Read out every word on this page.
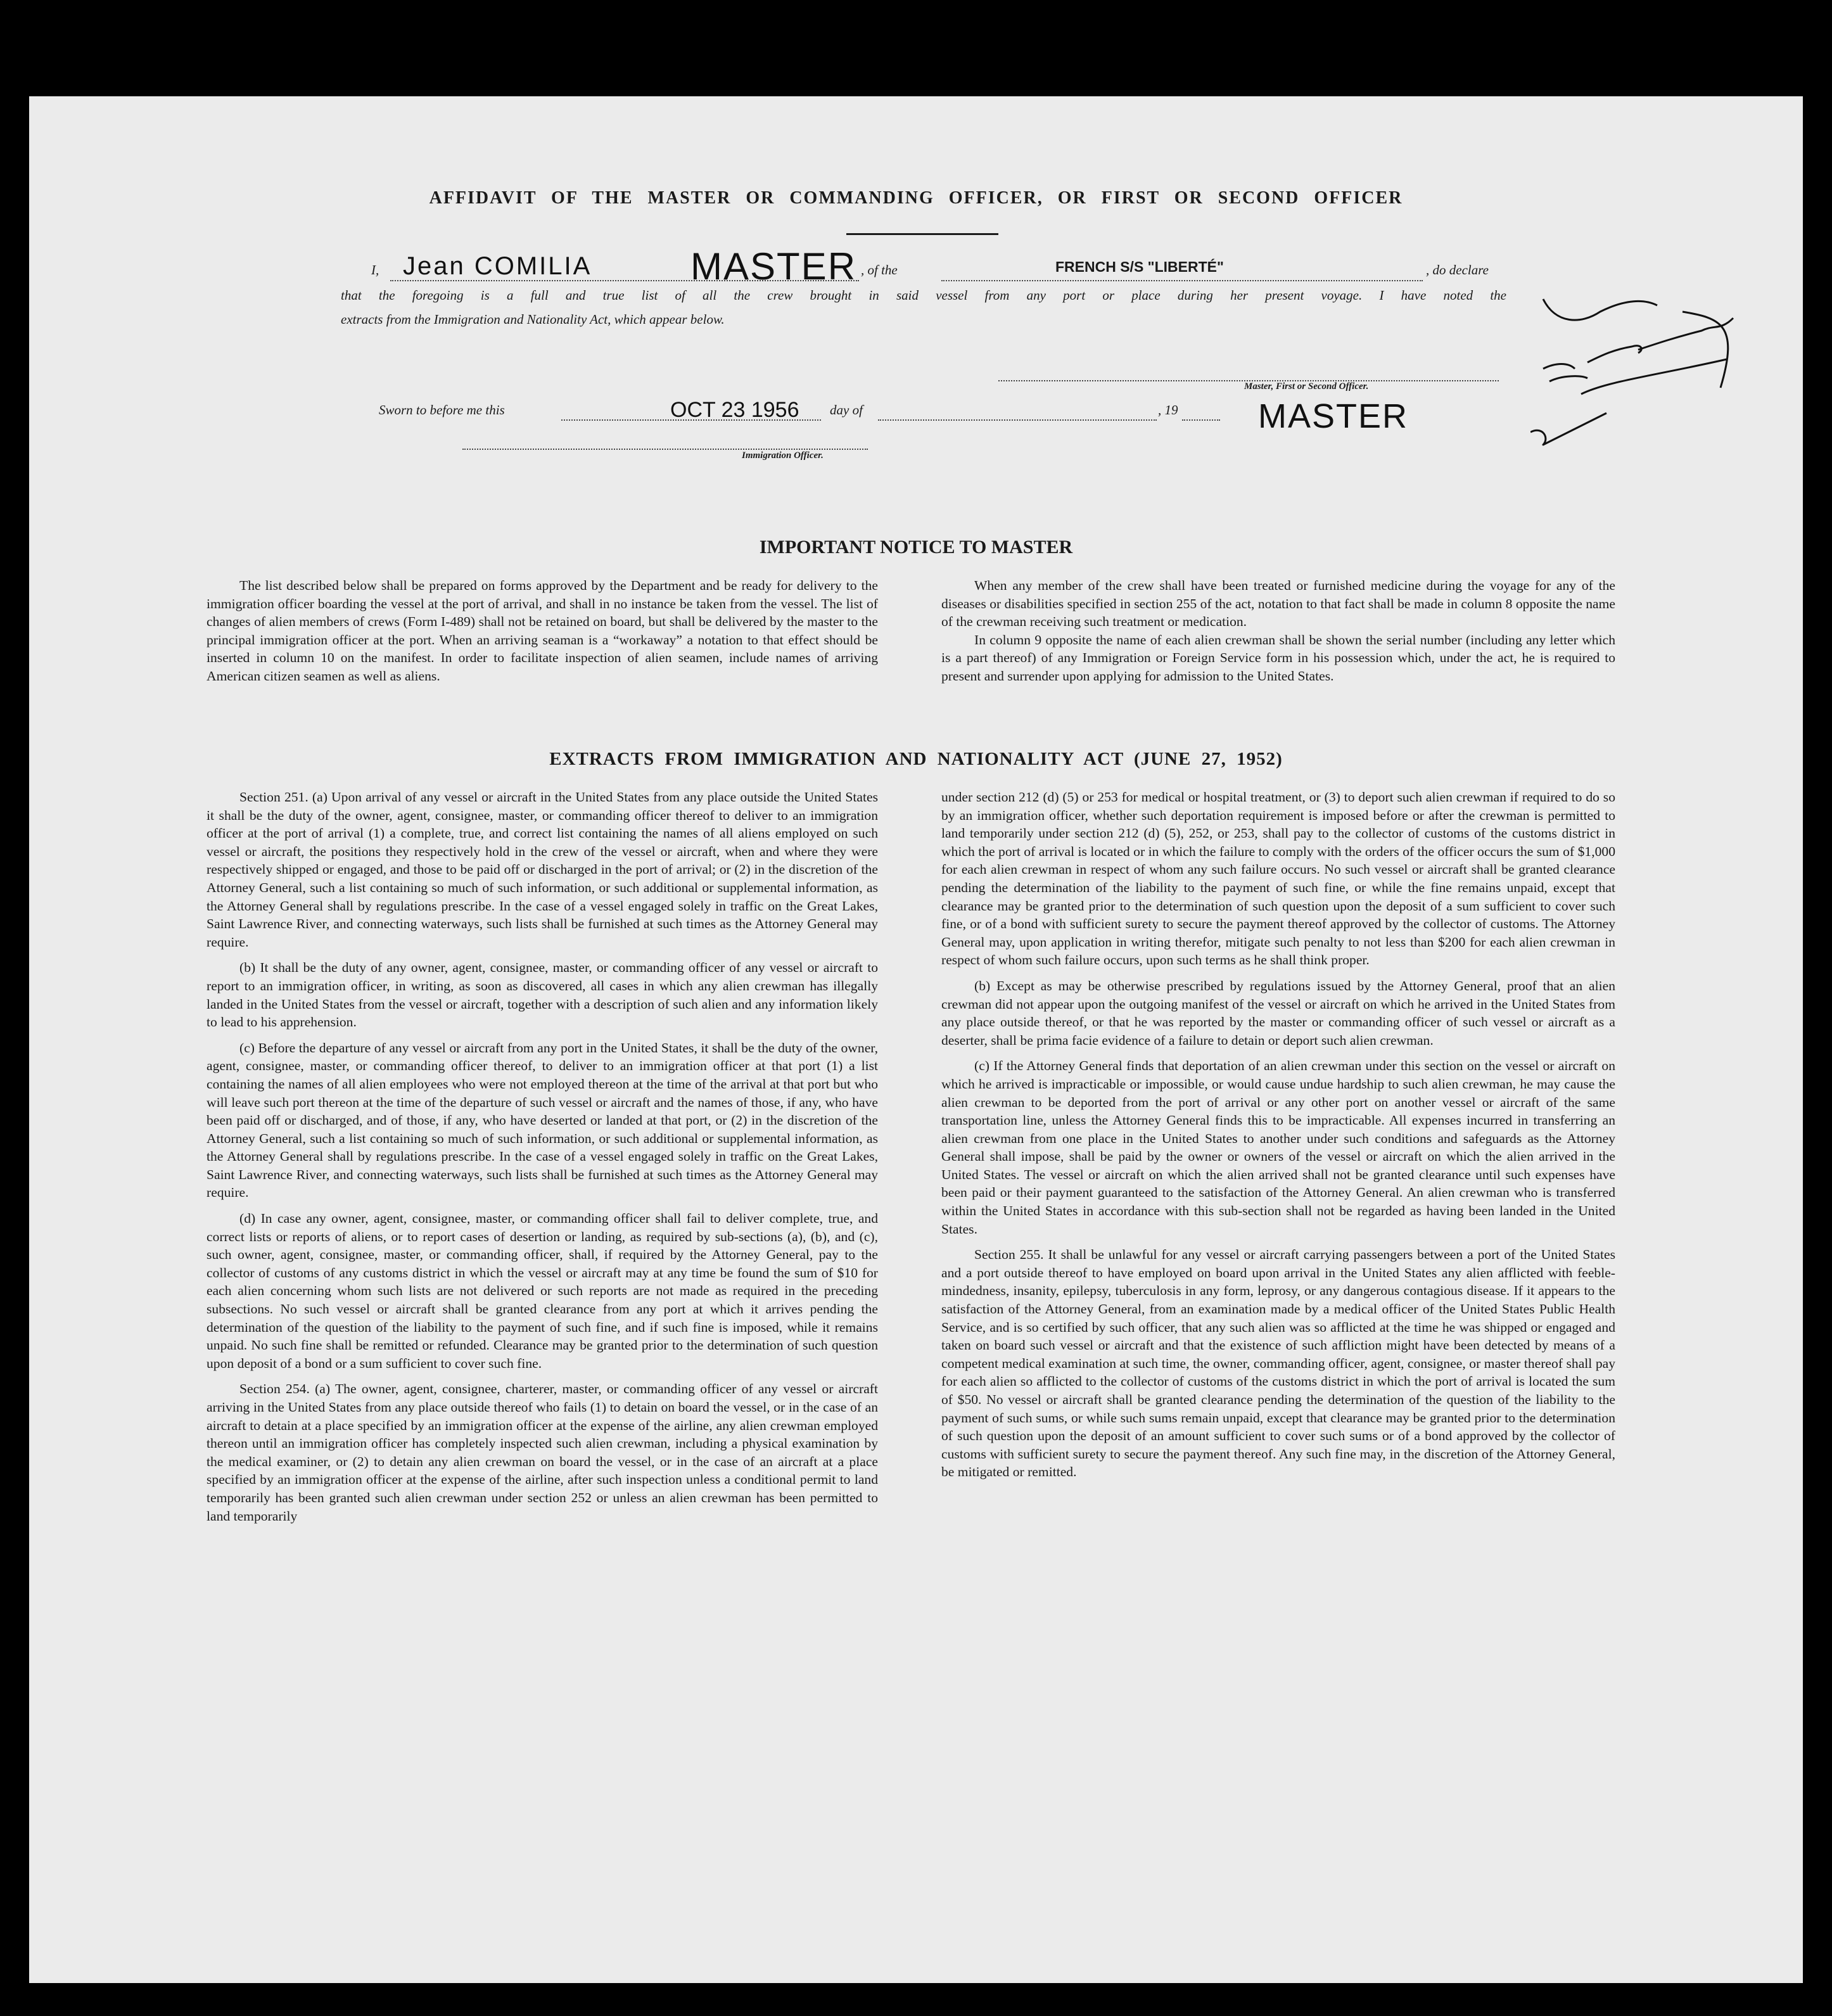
AFFIDAVIT OF THE MASTER OR COMMANDING OFFICER, OR FIRST OR SECOND OFFICER
I, Jean COMILIA	MASTER , of the	FRENCH S/S "LIBERTÉ"	, do declare
that the foregoing is a full and true list of all the crew brought in said vessel from any port or place during her present voyage. I have noted the
extracts from the Immigration and Nationality Act, which appear below.
Master, First or Second Officer.
MASTER
Sworn to before me this	OCT 23 1956 day of	, 19
Immigration Officer.
IMPORTANT NOTICE TO MASTER

The list described below shall be prepared on forms approved by the Department and be ready for delivery to the immigration officer boarding the vessel at the port of arrival, and shall in no instance be taken from the vessel. The list of changes of alien members of crews (Form I-489) shall not be retained on board, but shall be delivered by the master to the principal immigration officer at the port. When an arriving seaman is a “workaway” a notation to that effect should be inserted in column 10 on the manifest. In order to facilitate inspection of alien seamen, include names of arriving American citizen seamen as well as aliens.

When any member of the crew shall have been treated or furnished medicine during the voyage for any of the diseases or disabilities specified in section 255 of the act, notation to that fact shall be made in column 8 opposite the name of the crewman receiving such treatment or medication.

In column 9 opposite the name of each alien crewman shall be shown the serial number (including any letter which is a part thereof) of any Immigration or Foreign Service form in his possession which, under the act, he is required to present and surrender upon applying for admission to the United States.

EXTRACTS FROM IMMIGRATION AND NATIONALITY ACT (JUNE 27, 1952)

Section 251. (a) Upon arrival of any vessel or aircraft in the United States from any place outside the United States it shall be the duty of the owner, agent, consignee, master, or commanding officer thereof to deliver to an immigration officer at the port of arrival (1) a complete, true, and correct list containing the names of all aliens employed on such vessel or aircraft, the positions they respectively hold in the crew of the vessel or aircraft, when and where they were respectively shipped or engaged, and those to be paid off or discharged in the port of arrival; or (2) in the discretion of the Attorney General, such a list containing so much of such information, or such additional or supplemental information, as the Attorney General shall by regulations prescribe. In the case of a vessel engaged solely in traffic on the Great Lakes, Saint Lawrence River, and connecting waterways, such lists shall be furnished at such times as the Attorney General may require.

(b) It shall be the duty of any owner, agent, consignee, master, or commanding officer of any vessel or aircraft to report to an immigration officer, in writing, as soon as discovered, all cases in which any alien crewman has illegally landed in the United States from the vessel or aircraft, together with a description of such alien and any information likely to lead to his apprehension.

(c) Before the departure of any vessel or aircraft from any port in the United States, it shall be the duty of the owner, agent, consignee, master, or commanding officer thereof, to deliver to an immigration officer at that port (1) a list containing the names of all alien employees who were not employed thereon at the time of the arrival at that port but who will leave such port thereon at the time of the departure of such vessel or aircraft and the names of those, if any, who have been paid off or discharged, and of those, if any, who have deserted or landed at that port, or (2) in the discretion of the Attorney General, such a list containing so much of such information, or such additional or supplemental information, as the Attorney General shall by regulations prescribe. In the case of a vessel engaged solely in traffic on the Great Lakes, Saint Lawrence River, and connecting waterways, such lists shall be furnished at such times as the Attorney General may require.

(d) In case any owner, agent, consignee, master, or commanding officer shall fail to deliver complete, true, and correct lists or reports of aliens, or to report cases of desertion or landing, as required by sub-sections (a), (b), and (c), such owner, agent, consignee, master, or commanding officer, shall, if required by the Attorney General, pay to the collector of customs of any customs district in which the vessel or aircraft may at any time be found the sum of $10 for each alien concerning whom such lists are not delivered or such reports are not made as required in the preceding subsections. No such vessel or aircraft shall be granted clearance from any port at which it arrives pending the determination of the question of the liability to the payment of such fine, and if such fine is imposed, while it remains unpaid. No such fine shall be remitted or refunded. Clearance may be granted prior to the determination of such question upon deposit of a bond or a sum sufficient to cover such fine.

Section 254. (a) The owner, agent, consignee, charterer, master, or commanding officer of any vessel or aircraft arriving in the United States from any place outside thereof who fails (1) to detain on board the vessel, or in the case of an aircraft to detain at a place specified by an immigration officer at the expense of the airline, any alien crewman employed thereon until an immigration officer has completely inspected such alien crewman, including a physical examination by the medical examiner, or (2) to detain any alien crewman on board the vessel, or in the case of an aircraft at a place specified by an immigration officer at the expense of the airline, after such inspection unless a conditional permit to land temporarily has been granted such alien crewman under section 252 or unless an alien crewman has been permitted to land temporarily

under section 212 (d) (5) or 253 for medical or hospital treatment, or (3) to deport such alien crewman if required to do so by an immigration officer, whether such deportation requirement is imposed before or after the crewman is permitted to land temporarily under section 212 (d) (5), 252, or 253, shall pay to the collector of customs of the customs district in which the port of arrival is located or in which the failure to comply with the orders of the officer occurs the sum of $1,000 for each alien crewman in respect of whom any such failure occurs. No such vessel or aircraft shall be granted clearance pending the determination of the liability to the payment of such fine, or while the fine remains unpaid, except that clearance may be granted prior to the determination of such question upon the deposit of a sum sufficient to cover such fine, or of a bond with sufficient surety to secure the payment thereof approved by the collector of customs. The Attorney General may, upon application in writing therefor, mitigate such penalty to not less than $200 for each alien crewman in respect of whom such failure occurs, upon such terms as he shall think proper.

(b) Except as may be otherwise prescribed by regulations issued by the Attorney General, proof that an alien crewman did not appear upon the outgoing manifest of the vessel or aircraft on which he arrived in the United States from any place outside thereof, or that he was reported by the master or commanding officer of such vessel or aircraft as a deserter, shall be prima facie evidence of a failure to detain or deport such alien crewman.

(c) If the Attorney General finds that deportation of an alien crewman under this section on the vessel or aircraft on which he arrived is impracticable or impossible, or would cause undue hardship to such alien crewman, he may cause the alien crewman to be deported from the port of arrival or any other port on another vessel or aircraft of the same transportation line, unless the Attorney General finds this to be impracticable. All expenses incurred in transferring an alien crewman from one place in the United States to another under such conditions and safeguards as the Attorney General shall impose, shall be paid by the owner or owners of the vessel or aircraft on which the alien arrived in the United States. The vessel or aircraft on which the alien arrived shall not be granted clearance until such expenses have been paid or their payment guaranteed to the satisfaction of the Attorney General. An alien crewman who is transferred within the United States in accordance with this sub-section shall not be regarded as having been landed in the United States.

Section 255. It shall be unlawful for any vessel or aircraft carrying passengers between a port of the United States and a port outside thereof to have employed on board upon arrival in the United States any alien afflicted with feeble-mindedness, insanity, epilepsy, tuberculosis in any form, leprosy, or any dangerous contagious disease. If it appears to the satisfaction of the Attorney General, from an examination made by a medical officer of the United States Public Health Service, and is so certified by such officer, that any such alien was so afflicted at the time he was shipped or engaged and taken on board such vessel or aircraft and that the existence of such affliction might have been detected by means of a competent medical examination at such time, the owner, commanding officer, agent, consignee, or master thereof shall pay for each alien so afflicted to the collector of customs of the customs district in which the port of arrival is located the sum of $50. No vessel or aircraft shall be granted clearance pending the determination of the question of the liability to the payment of such sums, or while such sums remain unpaid, except that clearance may be granted prior to the determination of such question upon the deposit of an amount sufficient to cover such sums or of a bond approved by the collector of customs with sufficient surety to secure the payment thereof. Any such fine may, in the discretion of the Attorney General, be mitigated or remitted.
